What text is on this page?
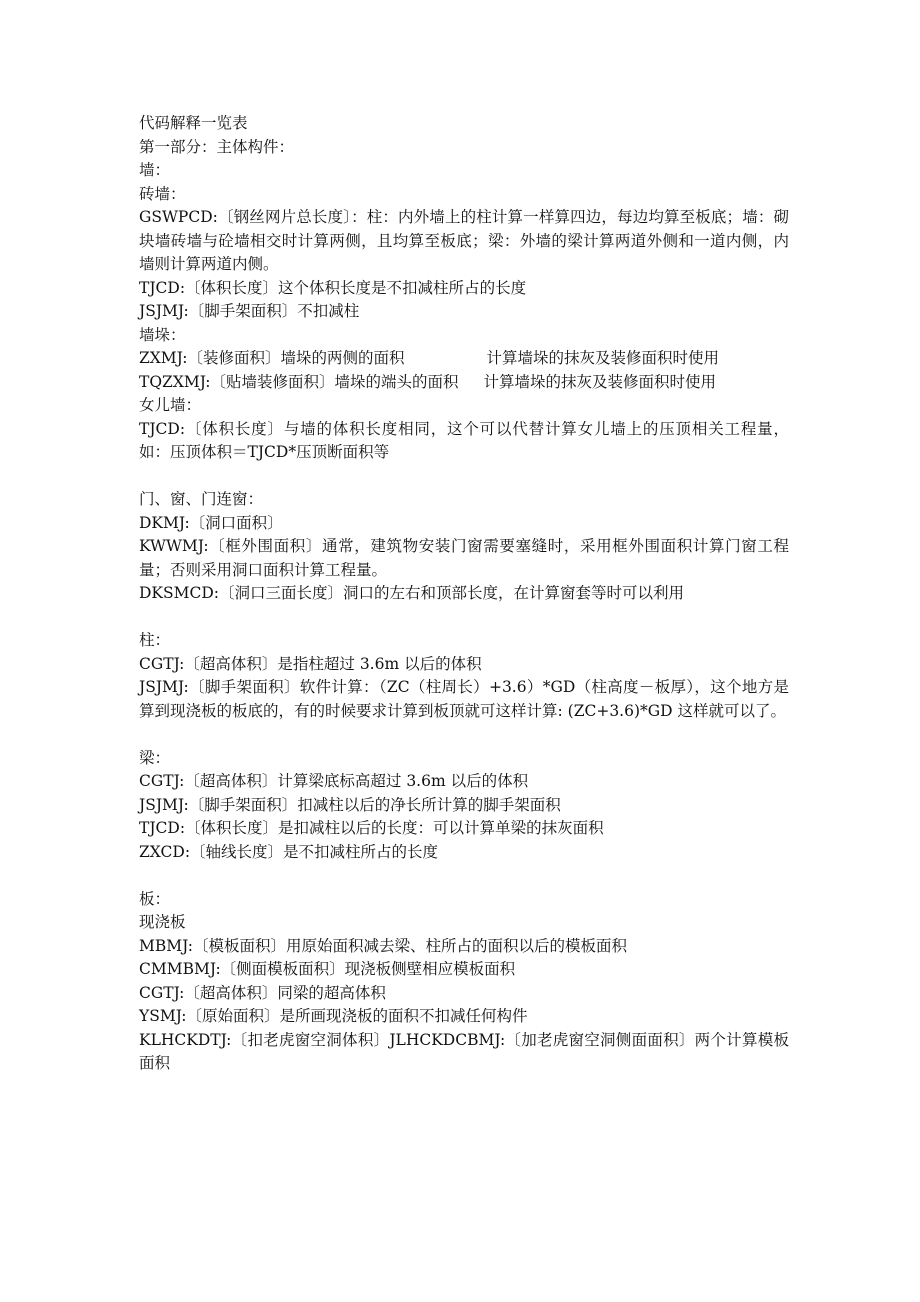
代码解释一览表
第一部分：主体构件：
墙：
砖墙：
GSWPCD:〔钢丝网片总长度〕：柱：内外墙上的柱计算一样算四边，每边均算至板底；墙：砌块墙砖墙与砼墙相交时计算两侧，且均算至板底；梁：外墙的梁计算两道外侧和一道内侧，内墙则计算两道内侧。
TJCD:〔体积长度〕这个体积长度是不扣减柱所占的长度
JSJMJ:〔脚手架面积〕不扣减柱
墙垛：
ZXMJ:〔装修面积〕墙垛的两侧的面积	计算墙垛的抹灰及装修面积时使用
TQZXMJ:〔贴墙装修面积〕墙垛的端头的面积 计算墙垛的抹灰及装修面积时使用
女儿墙：
TJCD:〔体积长度〕与墙的体积长度相同，这个可以代替计算女儿墙上的压顶相关工程量，如：压顶体积＝TJCD*压顶断面积等
门、窗、门连窗：
DKMJ:〔洞口面积〕
KWWMJ:〔框外围面积〕通常，建筑物安装门窗需要塞缝时，采用框外围面积计算门窗工程量；否则采用洞口面积计算工程量。
DKSMCD:〔洞口三面长度〕洞口的左右和顶部长度，在计算窗套等时可以利用
柱：
CGTJ:〔超高体积〕是指柱超过 3.6m 以后的体积
JSJMJ:〔脚手架面积〕软件计算：（ZC（柱周长）+3.6）*GD（柱高度－板厚），这个地方是算到现浇板的板底的，有的时候要求计算到板顶就可这样计算: (ZC+3.6)*GD 这样就可以了。
梁：
CGTJ:〔超高体积〕计算梁底标高超过 3.6m 以后的体积
JSJMJ:〔脚手架面积〕扣减柱以后的净长所计算的脚手架面积
TJCD:〔体积长度〕是扣减柱以后的长度：可以计算单梁的抹灰面积
ZXCD:〔轴线长度〕是不扣减柱所占的长度
板：
现浇板
MBMJ:〔模板面积〕用原始面积减去梁、柱所占的面积以后的模板面积
CMMBMJ:〔侧面模板面积〕现浇板侧壁相应模板面积
CGTJ:〔超高体积〕同梁的超高体积
YSMJ:〔原始面积〕是所画现浇板的面积不扣减任何构件
KLHCKDTJ:〔扣老虎窗空洞体积〕JLHCKDCBMJ:〔加老虎窗空洞侧面面积〕两个计算模板面积
